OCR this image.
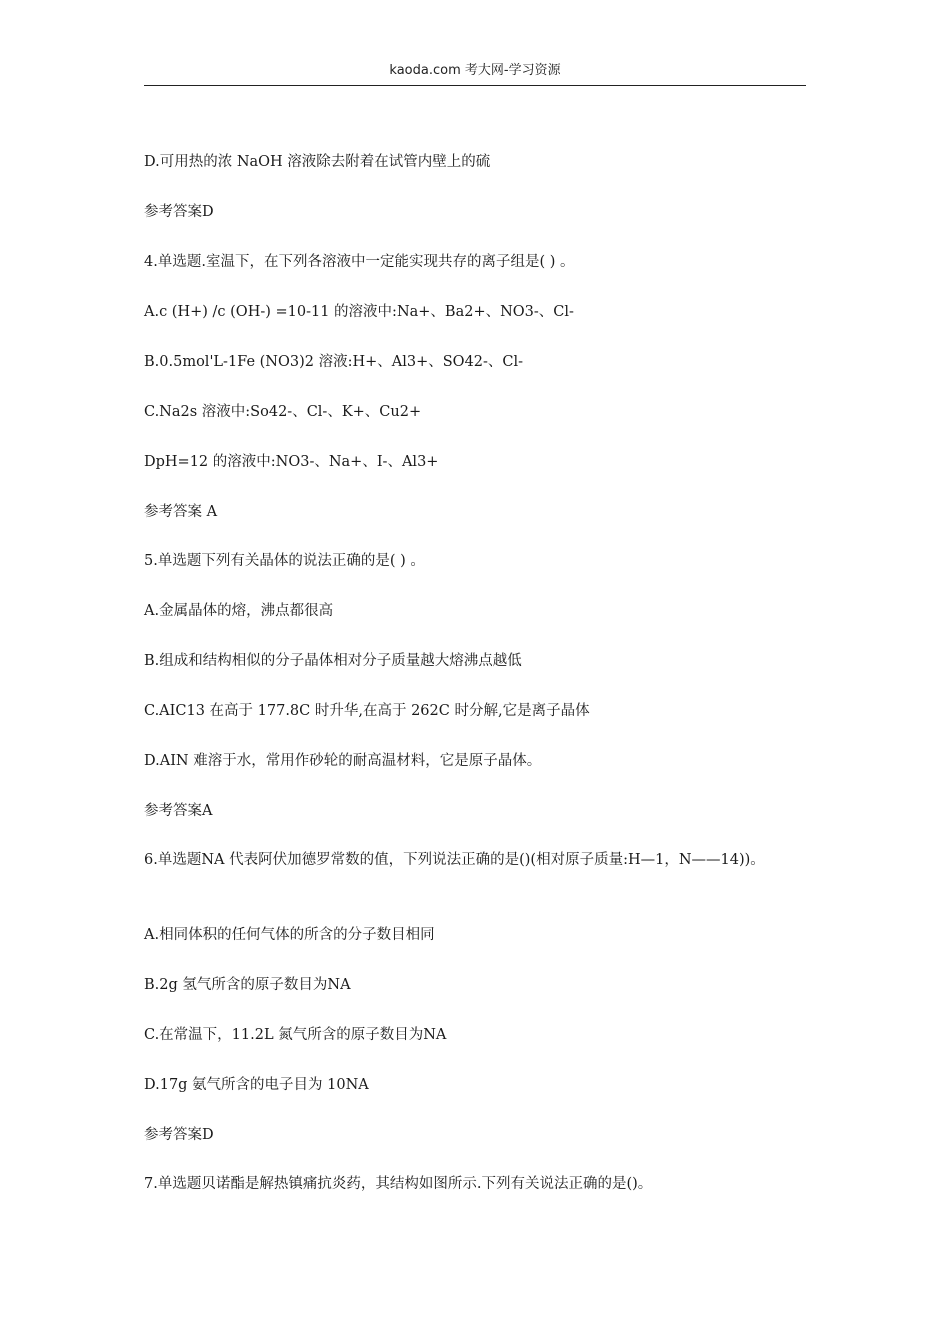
kaoda.com 考大网-学习资源
D.可用热的浓 NaOH 溶液除去附着在试管内壁上的硫
参考答案D
4.单选题.室温下，在下列各溶液中一定能实现共存的离子组是( ) 。
A.c (H+) /c (OH-) =10-11 的溶液中:Na+、Ba2+、NO3-、Cl-
B.0.5mol'L-1Fe (NO3)2 溶液:H+、Al3+、SO42-、Cl-
C.Na2s 溶液中:So42-、Cl-、K+、Cu2+
DpH=12 的溶液中:NO3-、Na+、I-、Al3+
参考答案 A
5.单选题下列有关晶体的说法正确的是( ) 。
A.金属晶体的熔，沸点都很高
B.组成和结构相似的分子晶体相对分子质量越大熔沸点越低
C.AIC13 在高于 177.8C 时升华,在高于 262C 时分解,它是离子晶体
D.AIN 难溶于水，常用作砂轮的耐高温材料，它是原子晶体。
参考答案A
6.单选题NA 代表阿伏加德罗常数的值，下列说法正确的是()(相对原子质量:H—1，N——14))。
A.相同体积的任何气体的所含的分子数目相同
B.2g 氢气所含的原子数目为NA
C.在常温下，11.2L 氮气所含的原子数目为NA
D.17g 氨气所含的电子目为 10NA
参考答案D
7.单选题贝诺酯是解热镇痛抗炎药，其结构如图所示.下列有关说法正确的是()。
